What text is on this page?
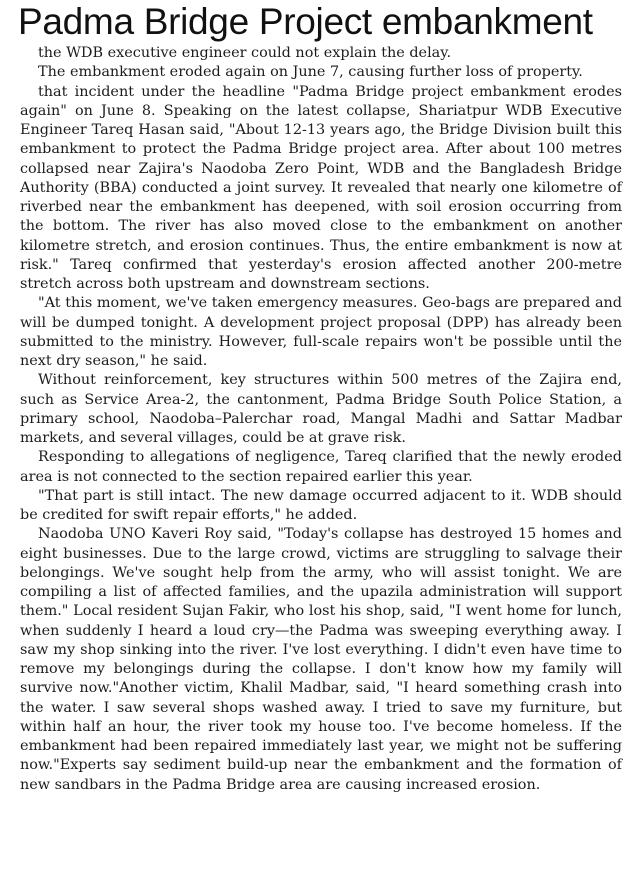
Padma Bridge Project embankment

the WDB executive engineer could not explain the delay.

The embankment eroded again on June 7, causing further loss of property.

that incident under the headline "Padma Bridge project embankment erodes again" on June 8. Speaking on the latest collapse, Shariatpur WDB Executive Engineer Tareq Hasan said, "About 12-13 years ago, the Bridge Division built this embankment to protect the Padma Bridge project area. After about 100 metres collapsed near Zajira's Naodoba Zero Point, WDB and the Bangladesh Bridge Authority (BBA) conducted a joint survey. It revealed that nearly one kilometre of riverbed near the embankment has deepened, with soil erosion occurring from the bottom. The river has also moved close to the embankment on another kilometre stretch, and erosion continues. Thus, the entire embankment is now at risk." Tareq confirmed that yesterday's erosion affected another 200-metre stretch across both upstream and downstream sections.

"At this moment, we've taken emergency measures. Geo-bags are prepared and will be dumped tonight. A development project proposal (DPP) has already been submitted to the ministry. However, full-scale repairs won't be possible until the next dry season," he said.

Without reinforcement, key structures within 500 metres of the Zajira end, such as Service Area-2, the cantonment, Padma Bridge South Police Station, a primary school, Naodoba–Palerchar road, Mangal Madhi and Sattar Madbar markets, and several villages, could be at grave risk.

Responding to allegations of negligence, Tareq clarified that the newly eroded area is not connected to the section repaired earlier this year.

"That part is still intact. The new damage occurred adjacent to it. WDB should be credited for swift repair efforts," he added.

Naodoba UNO Kaveri Roy said, "Today's collapse has destroyed 15 homes and eight businesses. Due to the large crowd, victims are struggling to salvage their belongings. We've sought help from the army, who will assist tonight. We are compiling a list of affected families, and the upazila administration will support them." Local resident Sujan Fakir, who lost his shop, said, "I went home for lunch, when suddenly I heard a loud cry—the Padma was sweeping everything away. I saw my shop sinking into the river. I've lost everything. I didn't even have time to remove my belongings during the collapse. I don't know how my family will survive now."Another victim, Khalil Madbar, said, "I heard something crash into the water. I saw several shops washed away. I tried to save my furniture, but within half an hour, the river took my house too. I've become homeless. If the embankment had been repaired immediately last year, we might not be suffering now."Experts say sediment build-up near the embankment and the formation of new sandbars in the Padma Bridge area are causing increased erosion.
